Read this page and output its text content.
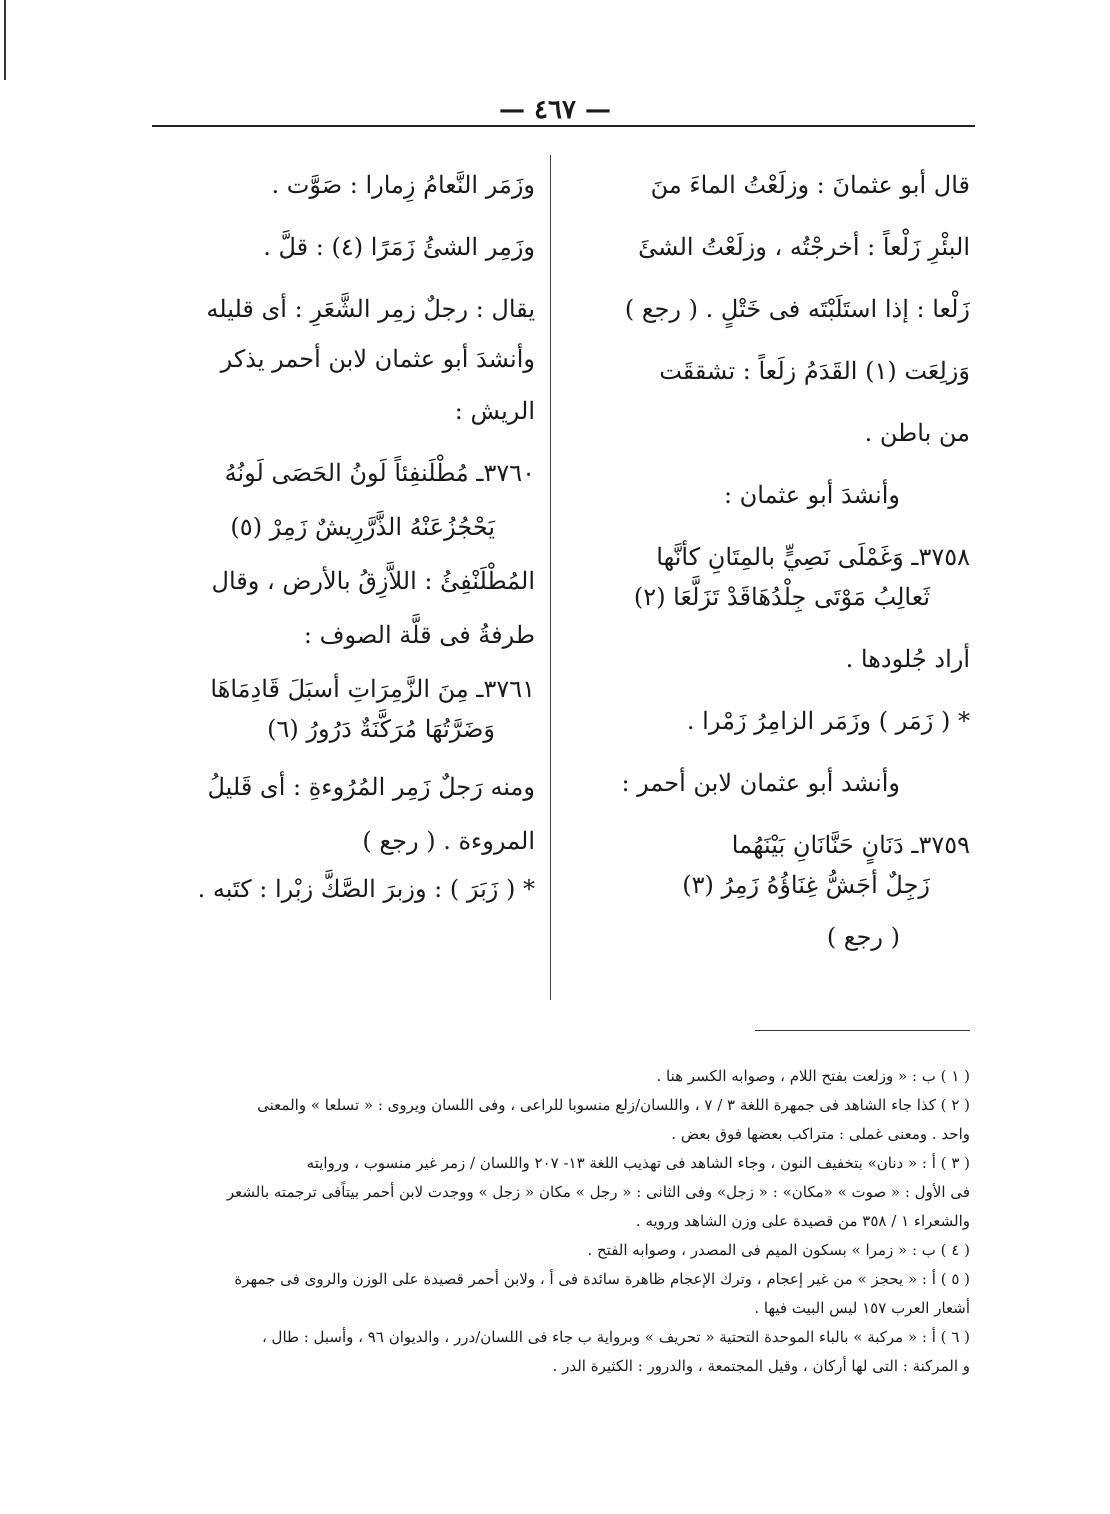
— ٤٦٧ —
قال أبو عثمانَ : وزلَعْتُ الماءَ منَ
البئْرِ زَلْعاً : أخرجْتُه ، وزلَعْتُ الشئَ
زَلْعا : إذا استَلَبْتَه فى خَتْلٍ . ( رجع )
وَزلِعَت (١) القَدَمُ زلَعاً : تشققَت
من باطن .
وأنشدَ أبو عثمان :
٣٧٥٨ـ وَغَمْلَى نَصِيٍّ بالمِتَانِ كأنَّها
ثَعالِبُ مَوْتَى جِلْدُهَاقَدْ تَزَلَّعَا (٢)
أراد جُلودها .
* ( زَمَر ) وزَمَر الزامِرُ زَمْرا .
وأنشد أبو عثمان لابن أحمر :
٣٧٥٩ـ دَنَانٍ حَنَّانَانِ بَيْنَهُما
زَجِلٌ أجَشُّ غِنَاؤُهُ زَمِرُ (٣)
( رجع )
وزَمَر النَّعامُ زِمارا : صَوَّت .
وزَمِر الشئُ زَمَرًا (٤) : قلَّ .
يقال : رجلٌ زمِر الشَّعَرِ : أى قليله
وأنشدَ أبو عثمان لابن أحمر يذكر
الريش :
٣٧٦٠ـ مُطْلَنفِئاً لَونُ الحَصَى لَونُهُ
يَحْجُزُعَنْهُ الذَّرَّرِيشٌ زَمِرْ (٥)
المُطْلَنْفِئُ : اللاَّزِقُ بالأرض ، وقال
طرفةُ فى قلَّة الصوف :
٣٧٦١ـ مِنَ الزَّمِرَاتِ أسبَلَ قَادِمَاهَا
وَضَرَّتُهَا مُرَكَّنَةٌ دَرُورُ (٦)
ومنه رَجلٌ زَمِر المُرُوءةِ : أى قَليلُ
المروءة . ( رجع )
* ( زَبَرَ ) : وزبرَ الصَّكَّ زبْرا : كتَبه .
( ١ ) ب : « وزلعت بفتح اللام ، وصوابه الكسر هنا .
( ٢ ) كذا جاء الشاهد فى جمهرة اللغة ٣ / ٧ ، واللسان/زلع منسوبا للراعى ، وفى اللسان ويروى : « تسلعا » والمعنى
واحد . ومعنى غملى : متراكب بعضها فوق بعض .
( ٣ ) أ : « دنان» بتخفيف النون ، وجاء الشاهد فى تهذيب اللغة ١٣- ٢٠٧ واللسان / زمر غير منسوب ، وروايته
فى الأول : « صوت » «مكان» : « زجل» وفى الثانى : « رجل » مكان « زجل » ووجدت لابن أحمر بيتاًفى ترجمته بالشعر
والشعراء ١ / ٣٥٨ من قصيدة على وزن الشاهد ورويه .
( ٤ ) ب : « زمرا » بسكون الميم فى المصدر ، وصوابه الفتح .
( ٥ ) أ : « يحجز » من غير إعجام ، وترك الإعجام ظاهرة سائدة فى أ ، ولابن أحمر قصيدة على الوزن والروى فى جمهرة
أشعار العرب ١٥٧ ليس البيت فيها .
( ٦ ) أ : « مركبة » بالباء الموحدة التحتية « تحريف » وبرواية ب جاء فى اللسان/درر ، والديوان ٩٦ ، وأسبل : طال ،
و المركنة : التى لها أركان ، وقيل المجتمعة ، والدرور : الكثيرة الدر .
